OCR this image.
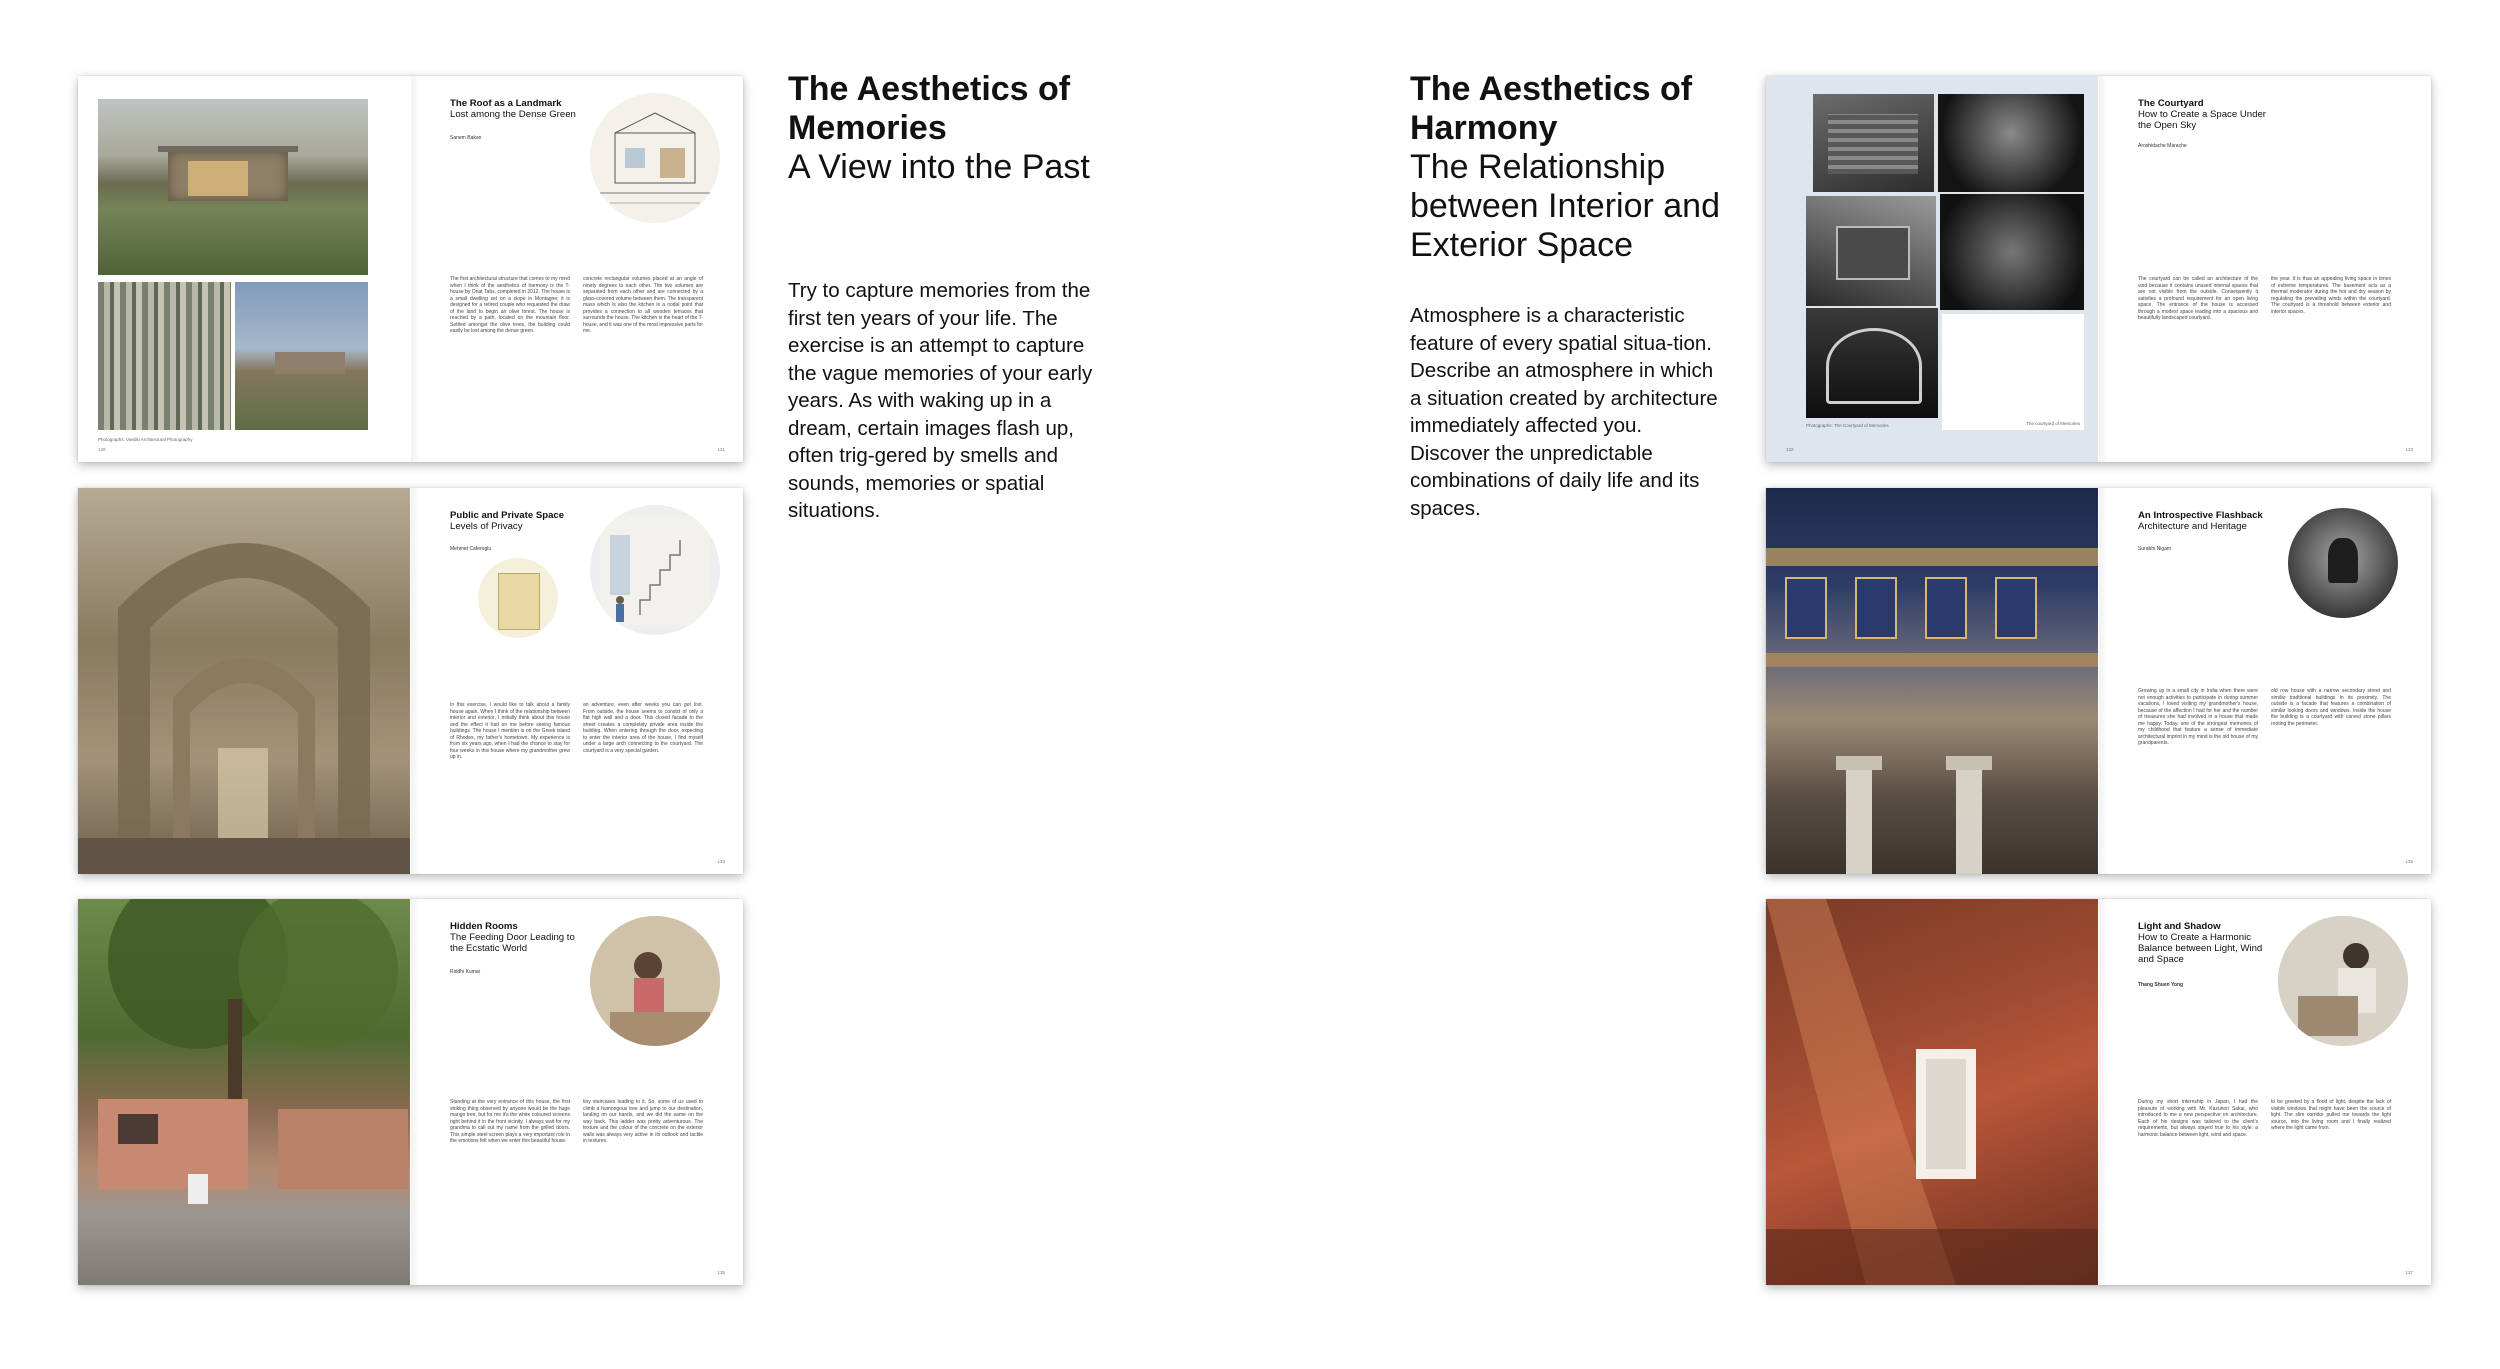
The Aesthetics of Memories
A View into the Past
Try to capture memories from the first ten years of your life. The exercise is an attempt to capture the vague memories of your early years. As with waking up in a dream, certain images flash up, often trig-gered by smells and sounds, memories or spatial situations.
The Aesthetics of Harmony
The Relationship between Interior and Exterior Space
Atmosphere is a characteristic feature of every spatial situa-tion. Describe an atmosphere in which a situation created by architecture immediately affected you. Discover the unpredictable combinations of daily life and its spaces.
Photographs: Vasiliki Architectural Photography
130
The Roof as a Landmark
Lost among the Dense Green
Sanem Bakan
The first architectural structure that comes to my mind when I think of the aesthetics of harmony is the T-house by Onat Tabs, completed in 2012. The house is a small dwelling set on a slope in Montagne; it is designed for a retired couple who requested the draw of the land to begin an olive forest. The house is reached by a path, located on the mountain floor. Settled amongst the olive trees, the building could easily be lost among the dense green.
concrete rectangular volumes placed at an angle of ninety degrees to each other. The two volumes are separated from each other and are connected by a glass-covered volume between them. The transparent mass which is also the kitchen is a nodal point that provides a connection to all wooden terraces that surrounds the house. The kitchen is the heart of the T-house, and it was one of the most impressive parts for me.
131
Public and Private Space
Levels of Privacy
Mehmet Caferoglu
In this exercise, I would like to talk about a family house again. When I think of the relationship between interior and exterior, I initially think about this house and the effect it had on me before seeing famous buildings. The house I mention is on the Greek island of Rhodes, my father's hometown. My experience is from six years ago, when I had the chance to stay for four weeks in this house where my grandmother grew up in.
an adventure, even after weeks you can get lost. From outside, the house seems to consist of only a flat high wall and a door. This closed facade to the street creates a completely private area inside the building. When entering through the door, expecting to enter the interior area of the house, I find myself under a large arch connecting to the courtyard. The courtyard is a very special garden.
133
Hidden Rooms
The Feeding Door Leading to the Ecstatic World
Riddhi Kumar
Standing at the very entrance of this house, the first striking thing observed by anyone would be the huge mango tree, but for me it's the white coloured screens right behind it in the front vicinity. I always wait for my grandma to call out my name from the grilled doors. This simple steel screen plays a very important role in the emotions felt when we enter this beautiful house.
tiny staircases leading to it. So, some of us used to climb a humongous tree and jump to our destination, landing on our hands, and we did the same on the way back. This ladder was pretty adventurous. The texture and the colour of the concrete on the exterior walls was always very active in its outlook and tactile in textures.
135
The courtyard of Memories
Photographs: The Courtyard of Memories
132
The Courtyard
How to Create a Space Under the Open Sky
Aroshidache Marache
The courtyard can be called an architecture of the void because it contains unused internal spaces that are not visible from the outside. Consequently it satisfies a profound requirement for an open living space. The entrance of the house is accessed through a modest space leading into a spacious and beautifully landscaped courtyard.
the year. It is thus an appealing living space in times of extreme temperatures. The basement acts as a thermal moderator during the hot and dry season by regulating the prevailing winds within the courtyard. The courtyard is a threshold between exterior and interior spaces.
133
An Introspective Flashback
Architecture and Heritage
Surabhi Nigam
Growing up in a small city in India when there were not enough activities to participate in during summer vacations, I loved visiting my grandmother's house, because of the affection I had for her and the number of treasures she had involved in a house that made me happy. Today, one of the strongest memories of my childhood that feature a sense of immediate architectural imprint in my mind is the old house of my grandparents.
old row house with a narrow secondary street and similar traditional buildings in its proximity. The outside is a facade that features a combination of similar looking doors and windows. Inside the house the building is a courtyard with carved stone pillars rooting the perimeter.
135
Light and Shadow
How to Create a Harmonic Balance between Light, Wind and Space
Thang Shuen Yong
During my short internship in Japan, I had the pleasure of working with Mr. Kazunori Sakai, who introduced to me a new perspective on architecture. Each of his designs was tailored to the client's requirements, but always stayed true to his style: a harmonic balance between light, wind and space.
to be greeted by a flood of light, despite the lack of visible windows that might have been the source of light. The slim corridor pulled me towards the light source, into the living room and I finally realized where the light came from.
137
